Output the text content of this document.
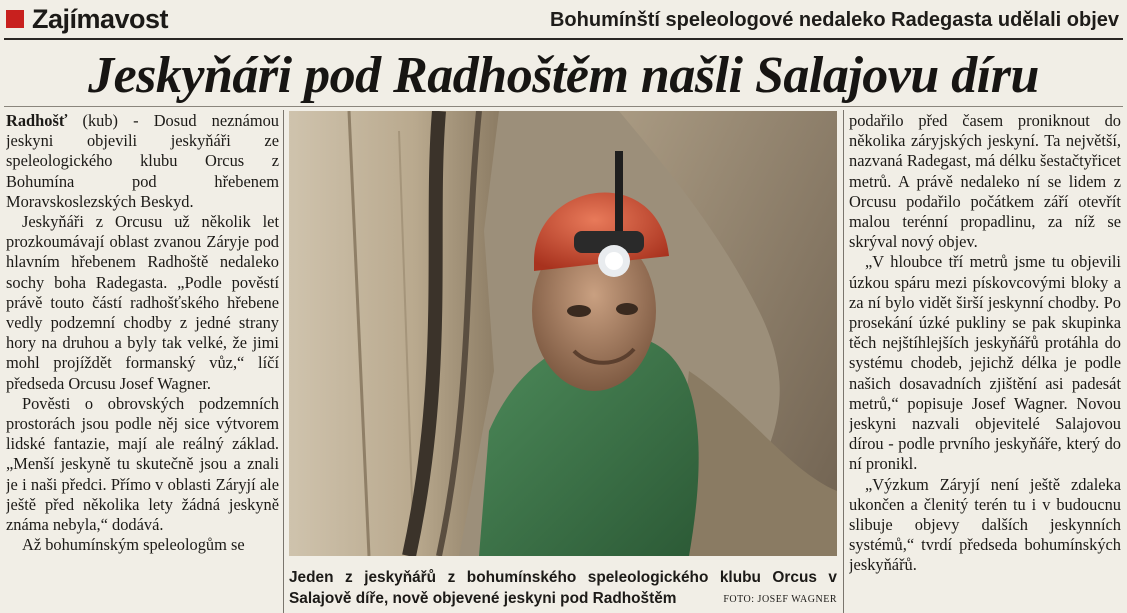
Zajímavost	Bohumínští speleologové nedaleko Radegasta udělali objev
Jeskyňáři pod Radhoštěm našli Salajovu díru

Radhošť (kub) - Dosud neznámou jeskyni objevili jeskyňáři ze speleologického klubu Orcus z Bohumína pod hřebenem Moravskoslezských Beskyd.

Jeskyňáři z Orcusu už několik let prozkoumávají oblast zvanou Záryje pod hlavním hřebenem Radhoště nedaleko sochy boha Radegasta. „Podle pověstí právě touto částí radhošťského hřebene vedly podzemní chodby z jedné strany hory na druhou a byly tak velké, že jimi mohl projíždět formanský vůz,“ líčí předseda Orcusu Josef Wagner.

Pověsti o obrovských podzemních prostorách jsou podle něj sice výtvorem lidské fantazie, mají ale reálný základ. „Menší jeskyně tu skutečně jsou a znali je i naši předci. Přímo v oblasti Záryjí ale ještě před několika lety žádná jeskyně známa nebyla,“ dodává.

Až bohumínským speleologům se

Jeden z jeskyňářů z bohumínského speleologického klubu Orcus v Salajově díře, nově objevené jeskyni pod Radhoštěm	FOTO: JOSEF WAGNER

podařilo před časem proniknout do několika záryjských jeskyní. Ta největší, nazvaná Radegast, má délku šestačtyřicet metrů. A právě nedaleko ní se lidem z Orcusu podařilo počátkem září otevřít malou terénní propadlinu, za níž se skrýval nový objev.

„V hloubce tří metrů jsme tu objevili úzkou spáru mezi pískovcovými bloky a za ní bylo vidět širší jeskynní chodby. Po prosekání úzké pukliny se pak skupinka těch nejštíhlejších jeskyňářů protáhla do systému chodeb, jejichž délka je podle našich dosavadních zjištění asi padesát metrů,“ popisuje Josef Wagner. Novou jeskyni nazvali objevitelé Salajovou dírou - podle prvního jeskyňáře, který do ní pronikl.

„Výzkum Záryjí není ještě zdaleka ukončen a členitý terén tu i v budoucnu slibuje objevy dalších jeskynních systémů,“ tvrdí předseda bohumínských jeskyňářů.
